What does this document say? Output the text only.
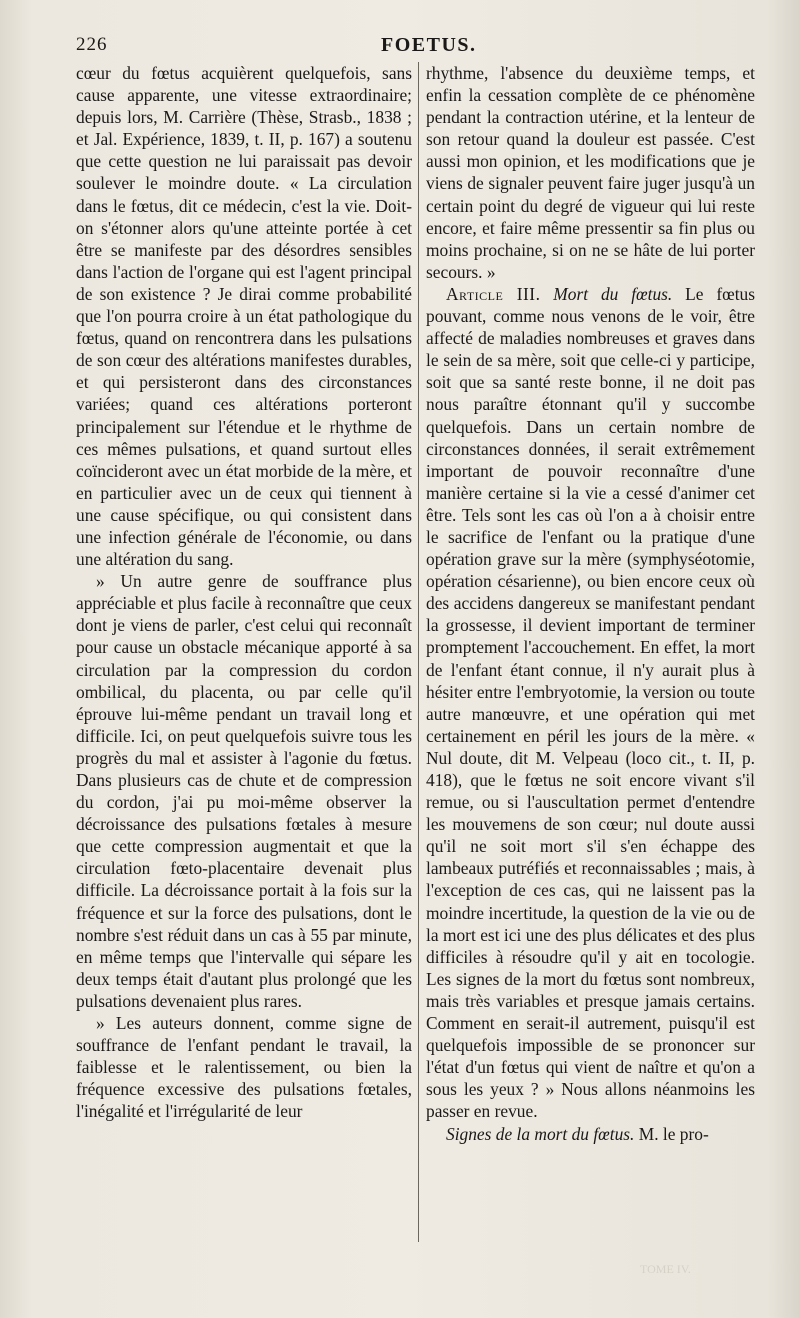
226	FOETUS.

cœur du fœtus acquièrent quelquefois, sans cause apparente, une vitesse extraordinaire; depuis lors, M. Carrière (Thèse, Strasb., 1838 ; et Jal. Expérience, 1839, t. II, p. 167) a soutenu que cette question ne lui paraissait pas devoir soulever le moindre doute. « La circulation dans le fœtus, dit ce médecin, c'est la vie. Doit-on s'étonner alors qu'une atteinte portée à cet être se manifeste par des désordres sensibles dans l'action de l'organe qui est l'agent principal de son existence ? Je dirai comme probabilité que l'on pourra croire à un état pathologique du fœtus, quand on rencontrera dans les pulsations de son cœur des altérations manifestes durables, et qui persisteront dans des circonstances variées; quand ces altérations porteront principalement sur l'étendue et le rhythme de ces mêmes pulsations, et quand surtout elles coïncideront avec un état morbide de la mère, et en particulier avec un de ceux qui tiennent à une cause spécifique, ou qui consistent dans une infection générale de l'économie, ou dans une altération du sang.

» Un autre genre de souffrance plus appréciable et plus facile à reconnaître que ceux dont je viens de parler, c'est celui qui reconnaît pour cause un obstacle mécanique apporté à sa circulation par la compression du cordon ombilical, du placenta, ou par celle qu'il éprouve lui-même pendant un travail long et difficile. Ici, on peut quelquefois suivre tous les progrès du mal et assister à l'agonie du fœtus. Dans plusieurs cas de chute et de compression du cordon, j'ai pu moi-même observer la décroissance des pulsations fœtales à mesure que cette compression augmentait et que la circulation fœto-placentaire devenait plus difficile. La décroissance portait à la fois sur la fréquence et sur la force des pulsations, dont le nombre s'est réduit dans un cas à 55 par minute, en même temps que l'intervalle qui sépare les deux temps était d'autant plus prolongé que les pulsations devenaient plus rares.

» Les auteurs donnent, comme signe de souffrance de l'enfant pendant le travail, la faiblesse et le ralentissement, ou bien la fréquence excessive des pulsations fœtales, l'inégalité et l'irrégularité de leur

rhythme, l'absence du deuxième temps, et enfin la cessation complète de ce phénomène pendant la contraction utérine, et la lenteur de son retour quand la douleur est passée. C'est aussi mon opinion, et les modifications que je viens de signaler peuvent faire juger jusqu'à un certain point du degré de vigueur qui lui reste encore, et faire même pressentir sa fin plus ou moins prochaine, si on ne se hâte de lui porter secours. »

Article III. Mort du fœtus. Le fœtus pouvant, comme nous venons de le voir, être affecté de maladies nombreuses et graves dans le sein de sa mère, soit que celle-ci y participe, soit que sa santé reste bonne, il ne doit pas nous paraître étonnant qu'il y succombe quelquefois. Dans un certain nombre de circonstances données, il serait extrêmement important de pouvoir reconnaître d'une manière certaine si la vie a cessé d'animer cet être. Tels sont les cas où l'on a à choisir entre le sacrifice de l'enfant ou la pratique d'une opération grave sur la mère (symphyséotomie, opération césarienne), ou bien encore ceux où des accidens dangereux se manifestant pendant la grossesse, il devient important de terminer promptement l'accouchement. En effet, la mort de l'enfant étant connue, il n'y aurait plus à hésiter entre l'embryotomie, la version ou toute autre manœuvre, et une opération qui met certainement en péril les jours de la mère. « Nul doute, dit M. Velpeau (loco cit., t. II, p. 418), que le fœtus ne soit encore vivant s'il remue, ou si l'auscultation permet d'entendre les mouvemens de son cœur; nul doute aussi qu'il ne soit mort s'il s'en échappe des lambeaux putréfiés et reconnaissables ; mais, à l'exception de ces cas, qui ne laissent pas la moindre incertitude, la question de la vie ou de la mort est ici une des plus délicates et des plus difficiles à résoudre qu'il y ait en tocologie. Les signes de la mort du fœtus sont nombreux, mais très variables et presque jamais certains. Comment en serait-il autrement, puisqu'il est quelquefois impossible de se prononcer sur l'état d'un fœtus qui vient de naître et qu'on a sous les yeux ? » Nous allons néanmoins les passer en revue.

Signes de la mort du fœtus. M. le pro-

TOME IV.
